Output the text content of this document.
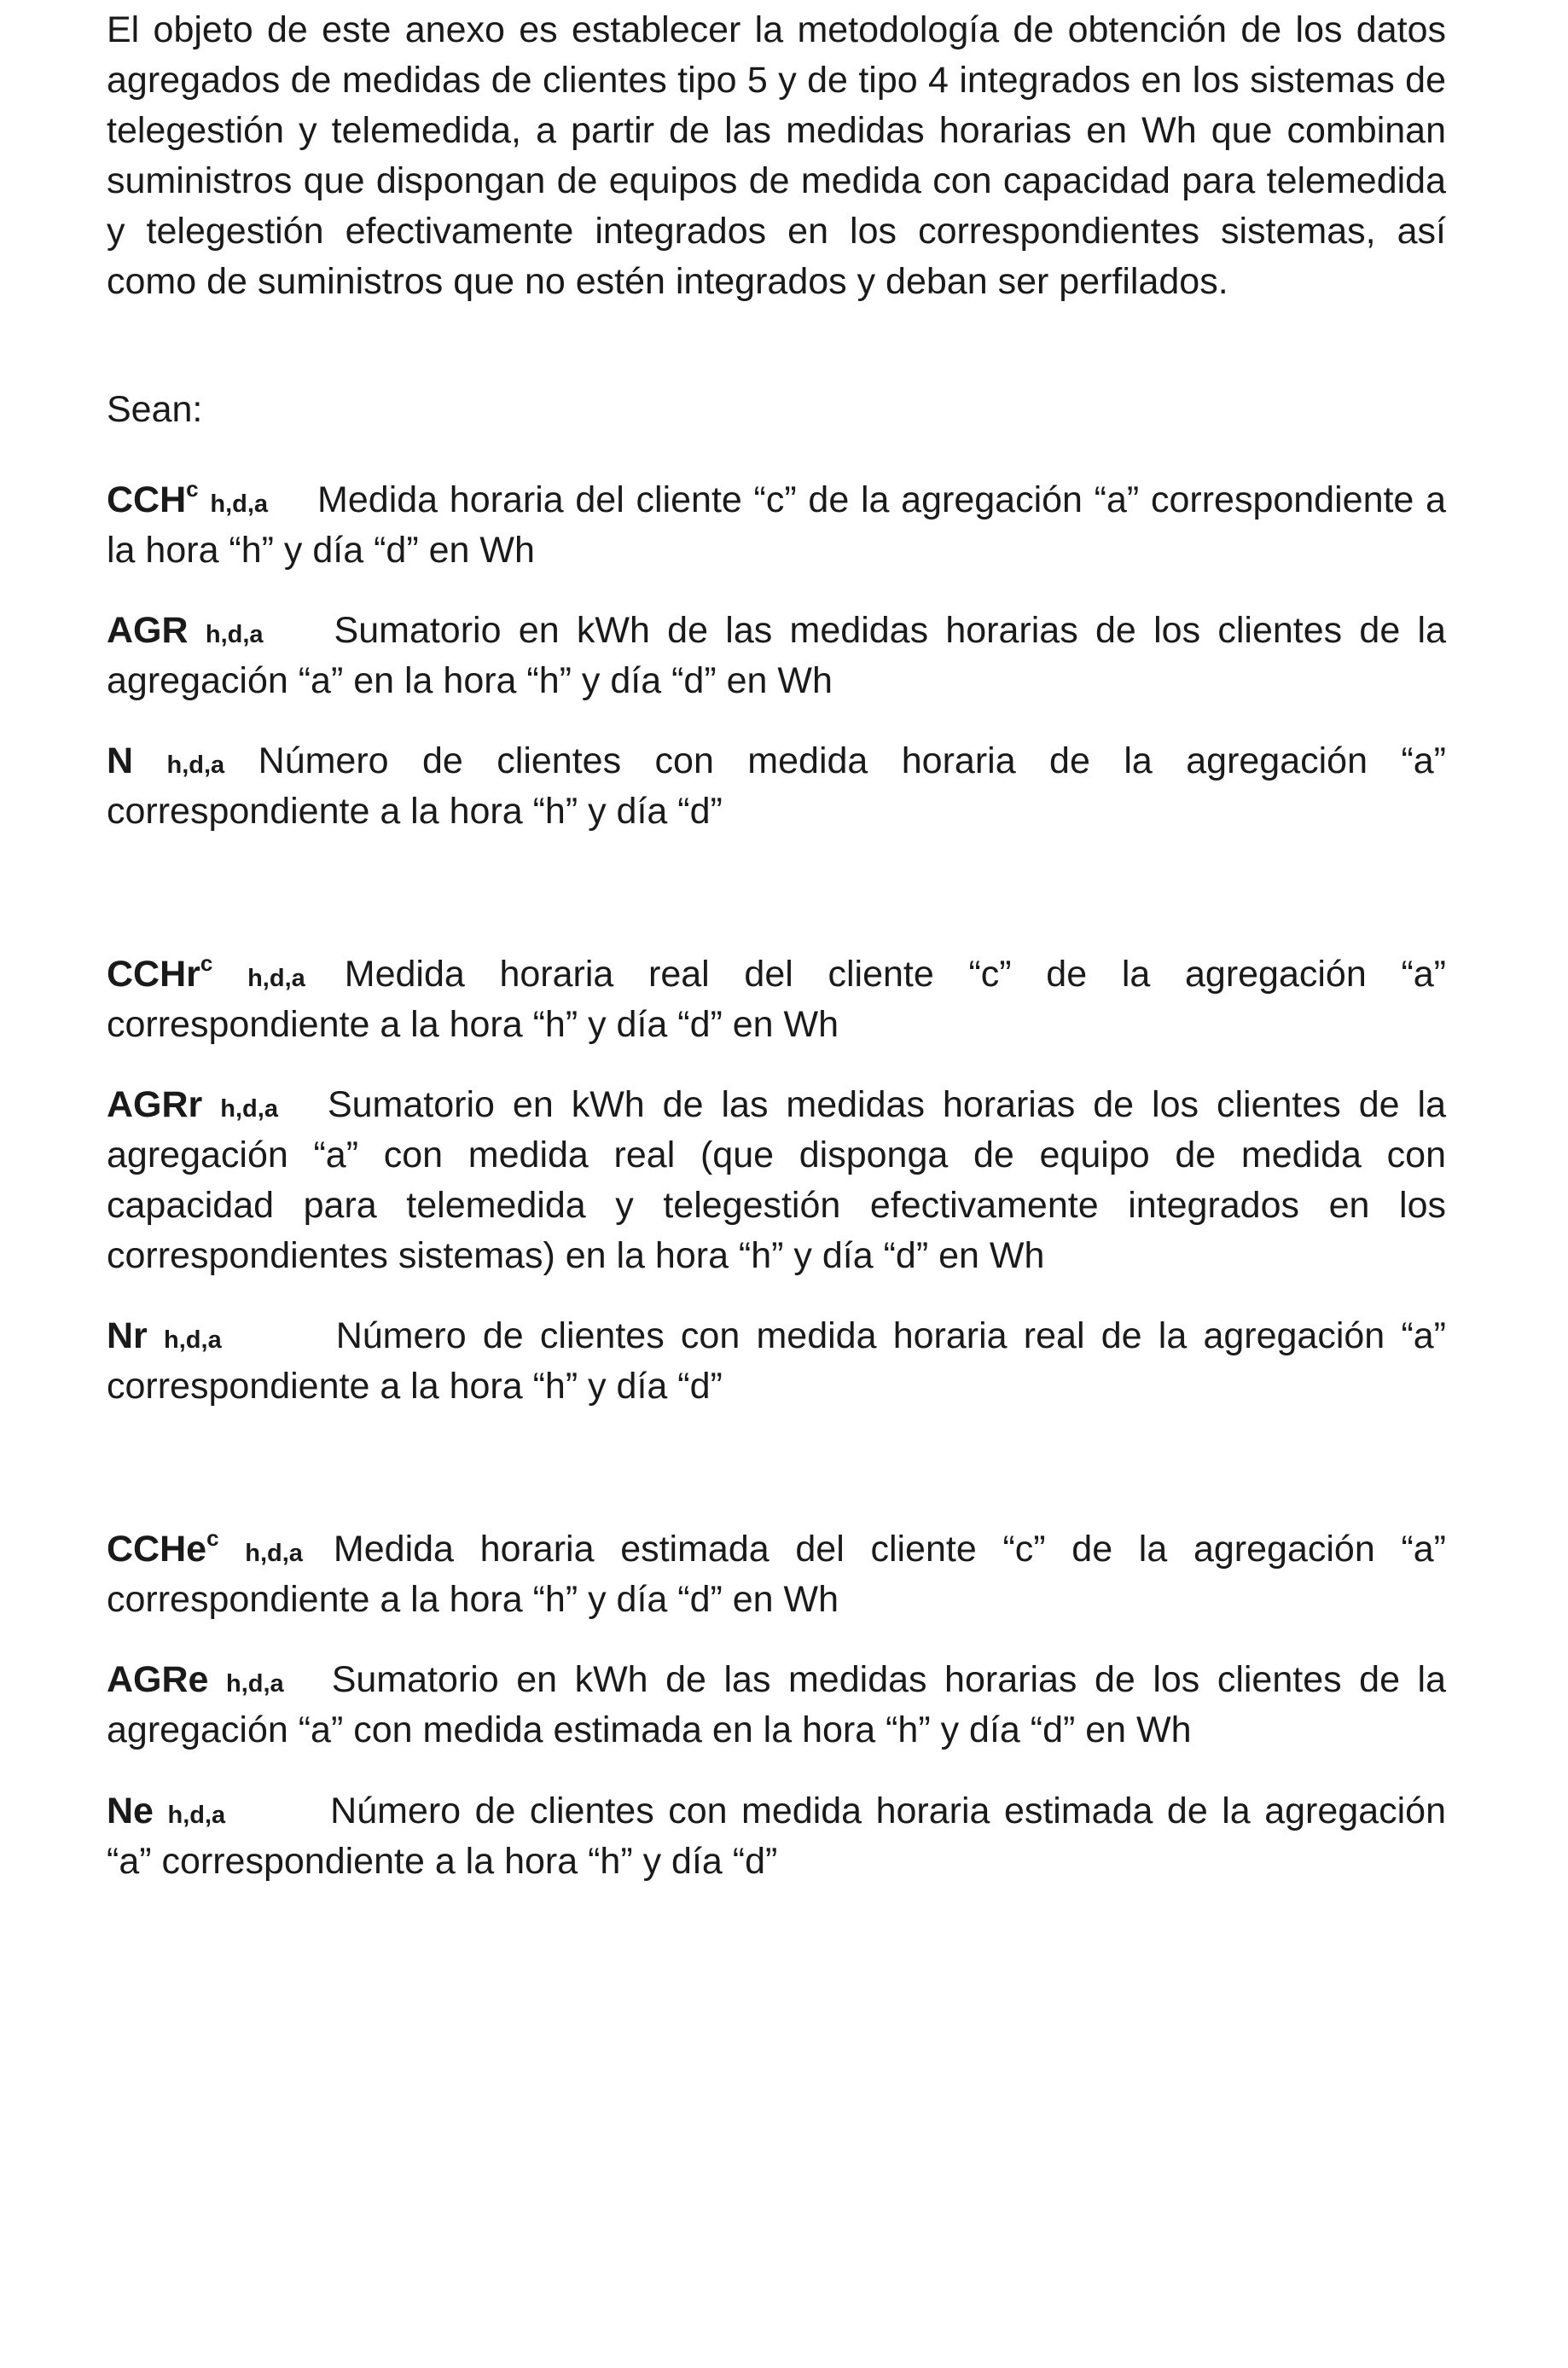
El objeto de este anexo es establecer la metodología de obtención de los datos agregados de medidas de clientes tipo 5 y de tipo 4 integrados en los sistemas de telegestión y telemedida, a partir de las medidas horarias en Wh que combinan suministros que dispongan de equipos de medida con capacidad para telemedida y telegestión efectivamente integrados en los correspondientes sistemas, así como de suministros que no estén integrados y deban ser perfilados.

Sean:

CCH$^c$ h,d,a Medida horaria del cliente “c” de la agregación “a” correspondiente a la hora “h” y día “d” en Wh

AGR h,d,a Sumatorio en kWh de las medidas horarias de los clientes de la agregación “a” en la hora “h” y día “d” en Wh

N h,d,a Número de clientes con medida horaria de la agregación “a” correspondiente a la hora “h” y día “d”

CCHr$^c$ h,d,a Medida horaria real del cliente “c” de la agregación “a” correspondiente a la hora “h” y día “d” en Wh

AGRr h,d,a Sumatorio en kWh de las medidas horarias de los clientes de la agregación “a” con medida real (que disponga de equipo de medida con capacidad para telemedida y telegestión efectivamente integrados en los correspondientes sistemas) en la hora “h” y día “d” en Wh

Nr h,d,a	Número de clientes con medida horaria real de la agregación “a” correspondiente a la hora “h” y día “d”

CCHe$^c$ h,d,a Medida horaria estimada del cliente “c” de la agregación “a” correspondiente a la hora “h” y día “d” en Wh

AGRe h,d,a Sumatorio en kWh de las medidas horarias de los clientes de la agregación “a” con medida estimada en la hora “h” y día “d” en Wh

Ne h,d,a	Número de clientes con medida horaria estimada de la agregación “a” correspondiente a la hora “h” y día “d”
